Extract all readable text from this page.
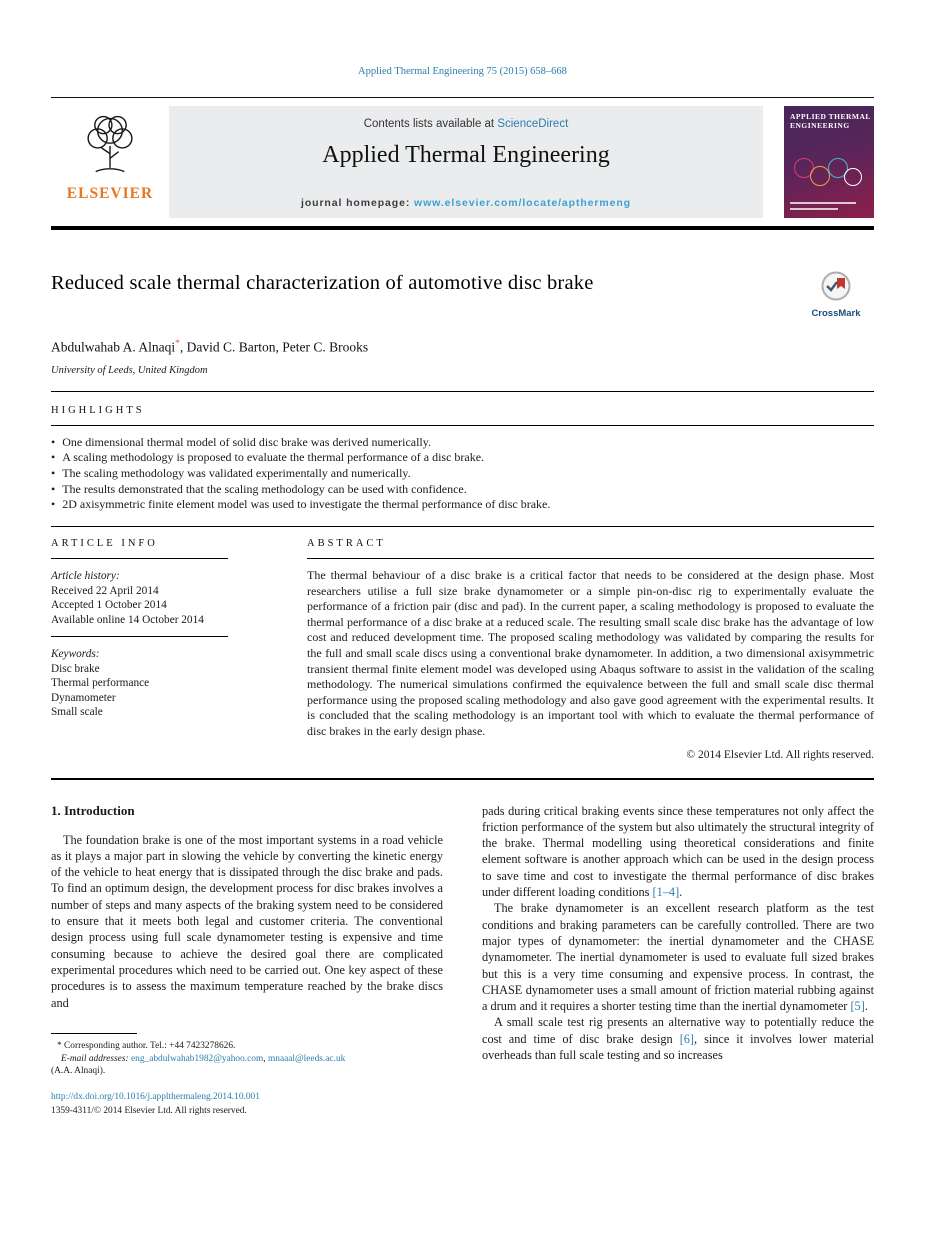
Applied Thermal Engineering 75 (2015) 658–668
ELSEVIER
Contents lists available at ScienceDirect
Applied Thermal Engineering
journal homepage: www.elsevier.com/locate/apthermeng
APPLIED THERMAL ENGINEERING
Reduced scale thermal characterization of automotive disc brake
CrossMark
Abdulwahab A. Alnaqi*, David C. Barton, Peter C. Brooks
University of Leeds, United Kingdom
HIGHLIGHTS
• One dimensional thermal model of solid disc brake was derived numerically.
• A scaling methodology is proposed to evaluate the thermal performance of a disc brake.
• The scaling methodology was validated experimentally and numerically.
• The results demonstrated that the scaling methodology can be used with confidence.
• 2D axisymmetric finite element model was used to investigate the thermal performance of disc brake.
ARTICLE INFO
Article history:
Received 22 April 2014
Accepted 1 October 2014
Available online 14 October 2014
Keywords:
Disc brake
Thermal performance
Dynamometer
Small scale
ABSTRACT
The thermal behaviour of a disc brake is a critical factor that needs to be considered at the design phase. Most researchers utilise a full size brake dynamometer or a simple pin-on-disc rig to experimentally evaluate the performance of a friction pair (disc and pad). In the current paper, a scaling methodology is proposed to evaluate the thermal performance of a disc brake at a reduced scale. The resulting small scale disc brake has the advantage of low cost and reduced development time. The proposed scaling methodology was validated by comparing the results for the full and small scale discs using a conventional brake dynamometer. In addition, a two dimensional axisymmetric transient thermal finite element model was developed using Abaqus software to assist in the validation of the scaling methodology. The numerical simulations confirmed the equivalence between the full and small scale disc thermal performance using the proposed scaling methodology and also gave good agreement with the experimental results. It is concluded that the scaling methodology is an important tool with which to evaluate the thermal performance of disc brakes in the early design phase.
© 2014 Elsevier Ltd. All rights reserved.
1. Introduction

The foundation brake is one of the most important systems in a road vehicle as it plays a major part in slowing the vehicle by converting the kinetic energy of the vehicle to heat energy that is dissipated through the disc brake and pads. To find an optimum design, the development process for disc brakes involves a number of steps and many aspects of the braking system need to be considered to ensure that it meets both legal and customer criteria. The conventional design process using full scale dynamometer testing is expensive and time consuming because to achieve the desired goal there are complicated experimental procedures which need to be carried out. One key aspect of these procedures is to assess the maximum temperature reached by the brake discs and

* Corresponding author. Tel.: +44 7423278626.
E-mail addresses: eng_abdulwahab1982@yahoo.com, mnaaal@leeds.ac.uk
(A.A. Alnaqi).
http://dx.doi.org/10.1016/j.applthermaleng.2014.10.001
1359-4311/© 2014 Elsevier Ltd. All rights reserved.

pads during critical braking events since these temperatures not only affect the friction performance of the system but also ultimately the structural integrity of the brake. Thermal modelling using theoretical considerations and finite element software is another approach which can be used in the design process to save time and cost to investigate the thermal performance of disc brakes under different loading conditions [1–4].

The brake dynamometer is an excellent research platform as the test conditions and braking parameters can be carefully controlled. There are two major types of dynamometer: the inertial dynamometer and the CHASE dynamometer. The inertial dynamometer is used to evaluate full sized brakes but this is a very time consuming and expensive process. In contrast, the CHASE dynamometer uses a small amount of friction material rubbing against a drum and it requires a shorter testing time than the inertial dynamometer [5].

A small scale test rig presents an alternative way to potentially reduce the cost and time of disc brake design [6], since it involves lower material overheads than full scale testing and so increases
